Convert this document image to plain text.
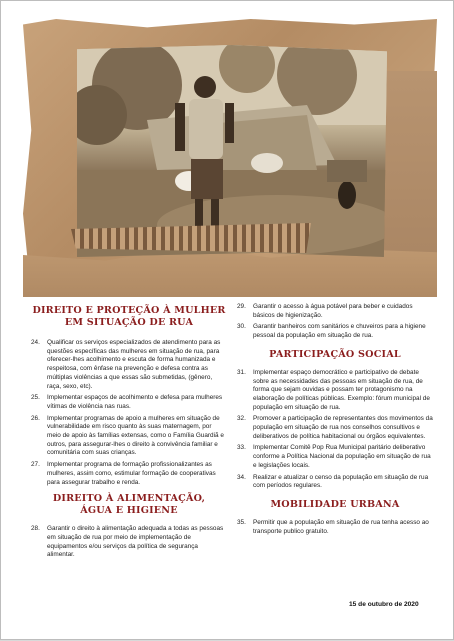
DIREITO E PROTEÇÃO À MULHER
EM SITUAÇÃO DE RUA
24. Qualificar os serviços especializados de atendimento para as questões específicas das mulheres em situação de rua, para oferecer-lhes acolhimento e escuta de forma humanizada e respeitosa, com ênfase na prevenção e defesa contra as múltiplas violências a que essas são submetidas, (gênero, raça, sexo, etc).
25. Implementar espaços de acolhimento e defesa para mulheres vítimas de violência nas ruas.
26. Implementar programas de apoio a mulheres em situação de vulnerabilidade em risco quanto às suas maternagem, por meio de apoio às famílias extensas, como o Família Guardiã e outros, para assegurar-lhes o direito à convivência familiar e comunitária com suas crianças.
27. Implementar programa de formação profissionalizantes as mulheres, assim como, estimular formação de cooperativas para assegurar trabalho e renda.
DIREITO À ALIMENTAÇÃO,
ÁGUA E HIGIENE
28. Garantir o direito à alimentação adequada a todas as pessoas em situação de rua por meio de implementação de equipamentos e/ou serviços da política de segurança alimentar.
29. Garantir o acesso à água potável para beber e cuidados básicos de higienização.
30. Garantir banheiros com sanitários e chuveiros para a higiene pessoal da população em situação de rua.
PARTICIPAÇÃO SOCIAL
31. Implementar espaço democrático e participativo de debate sobre as necessidades das pessoas em situação de rua, de forma que sejam ouvidas e possam ter protagonismo na elaboração de políticas públicas. Exemplo: fórum municipal de população em situação de rua.
32. Promover a participação de representantes dos movimentos da população em situação de rua nos conselhos consultivos e deliberativos de política habitacional ou órgãos equivalentes.
33. Implementar Comitê Pop Rua Municipal paritário deliberativo conforme a Política Nacional da população em situação de rua e legislações locais.
34. Realizar e atualizar o censo da população em situação de rua com períodos regulares.
MOBILIDADE URBANA
35. Permitir que a população em situação de rua tenha acesso ao transporte publico gratuito.
15 de outubro de 2020
